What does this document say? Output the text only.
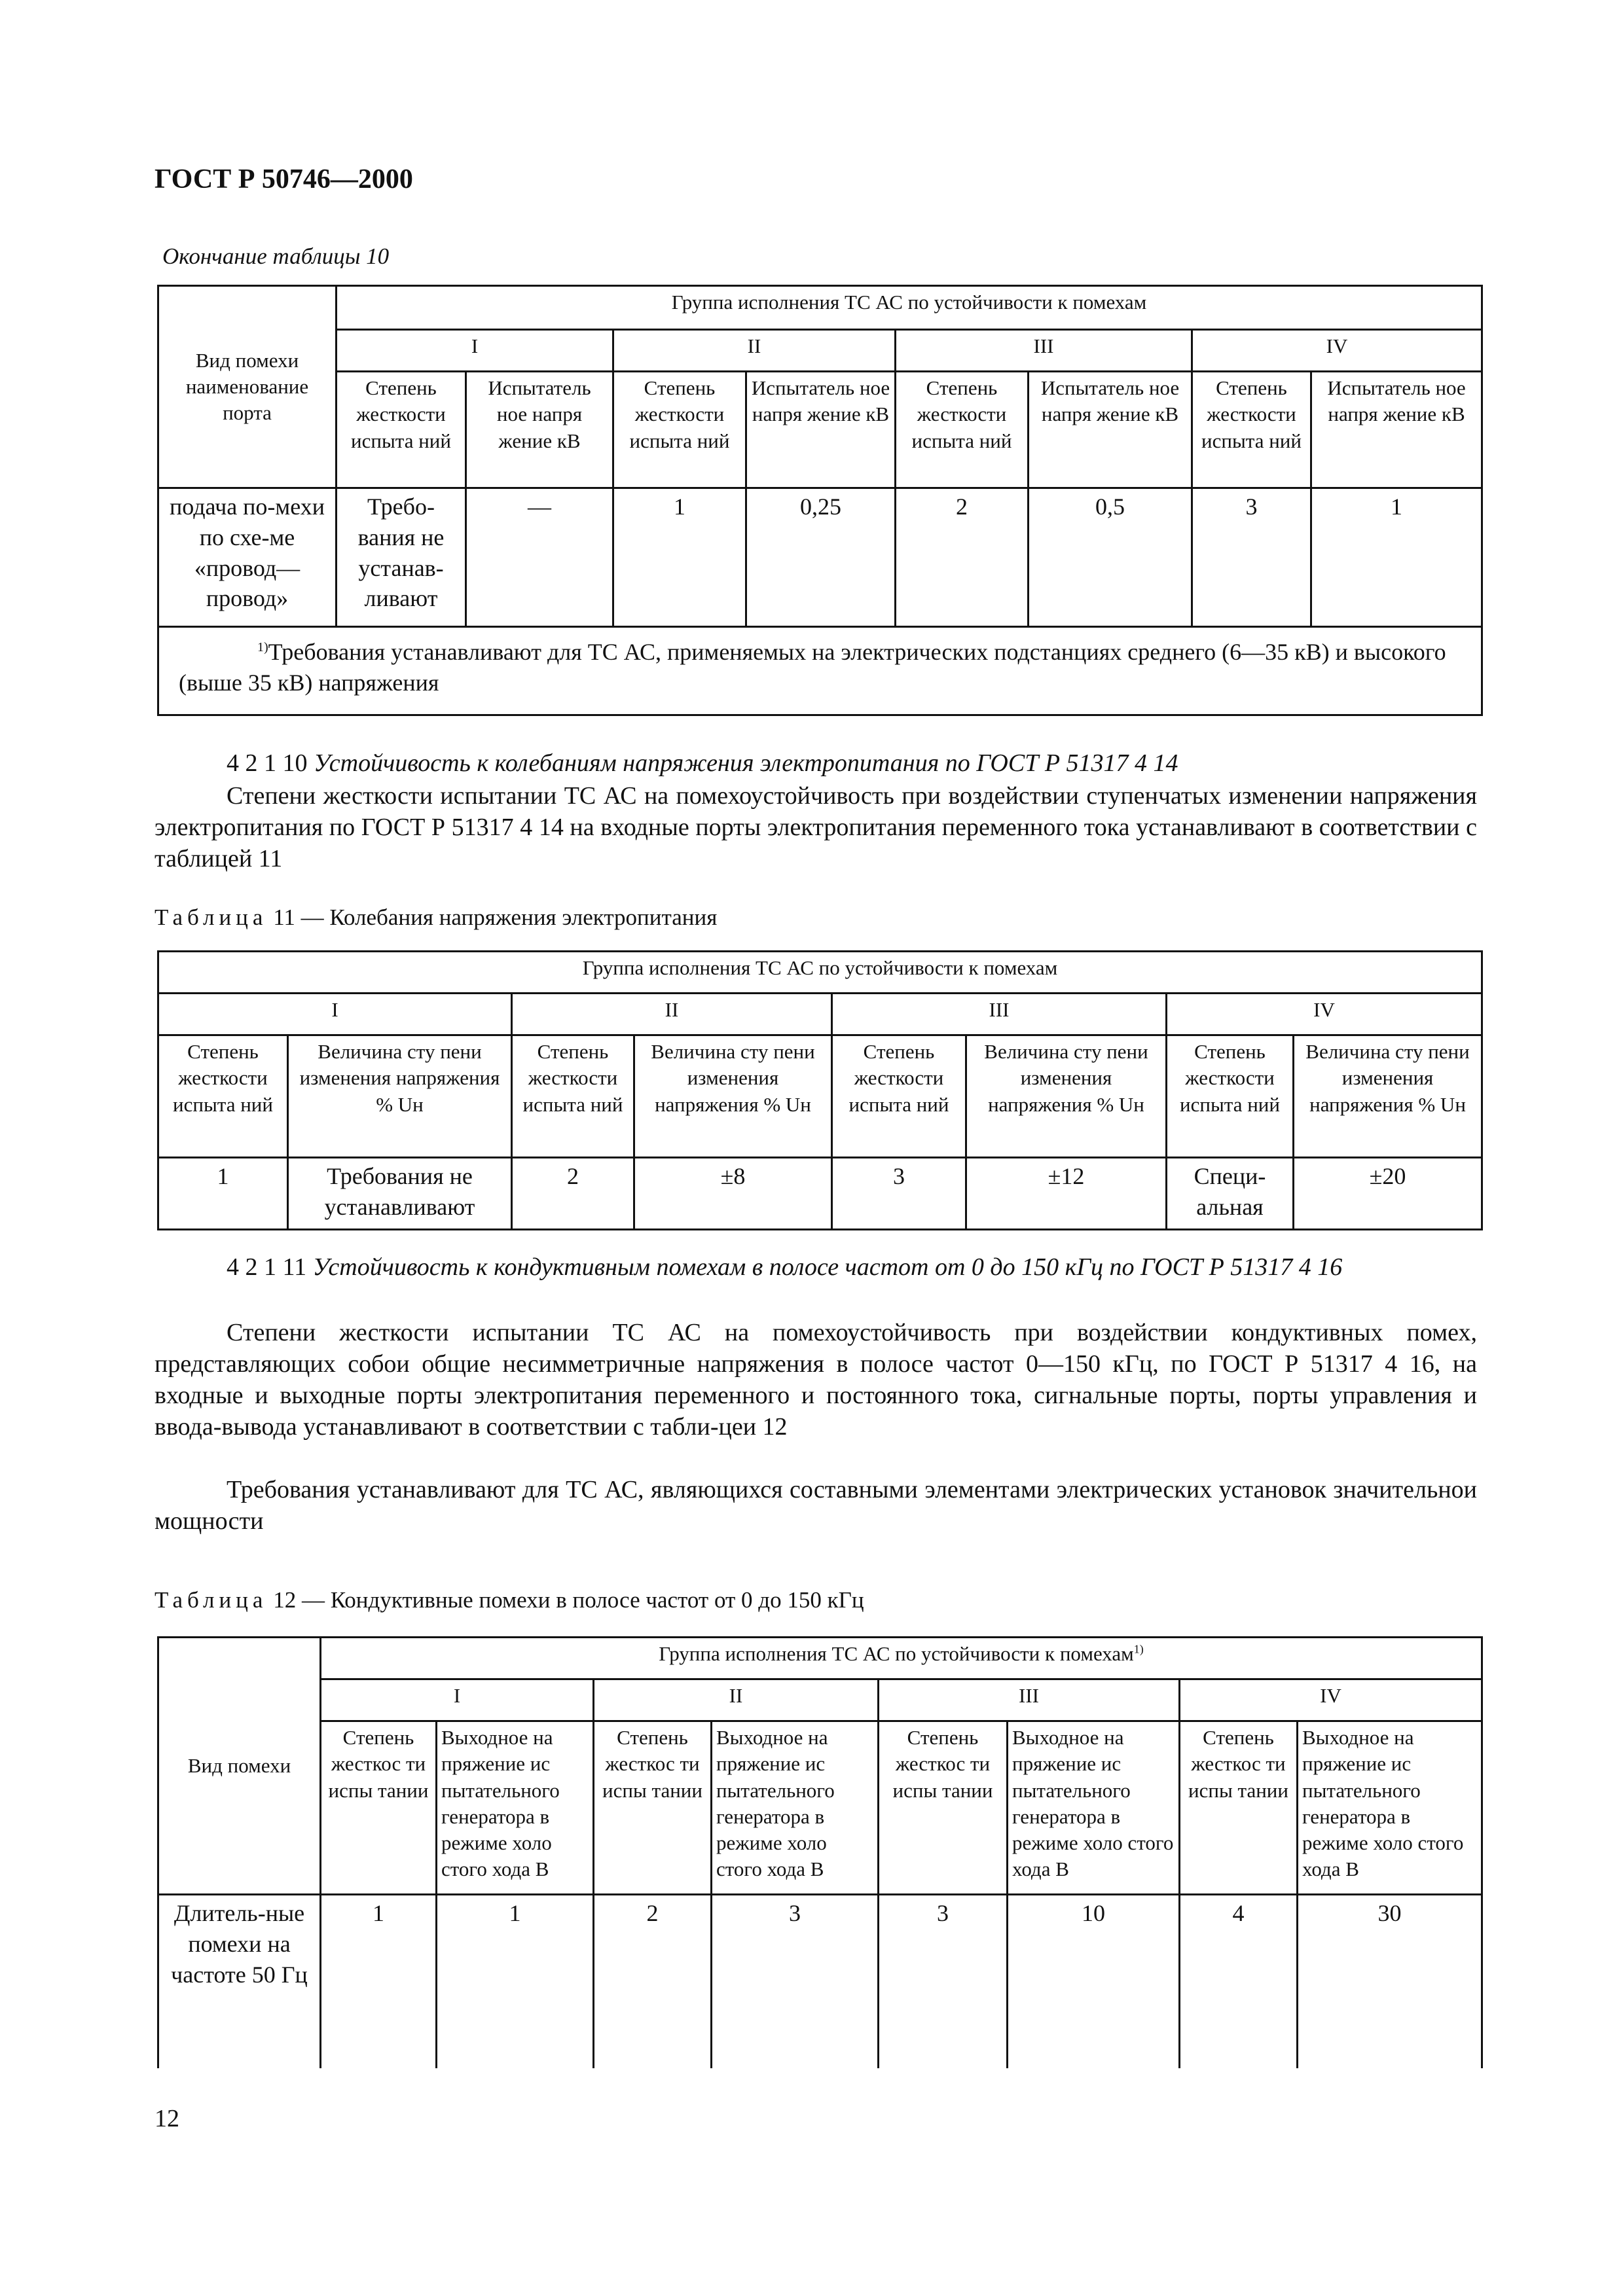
ГОСТ Р 50746—2000
Окончание таблицы 10
Вид помехи наименование порта	Группа исполнения ТС АС по устойчивости к помехам							
	I		II		III		IV	
	Степень жесткости испыта ний	Испытатель ное напря жение кВ	Степень жесткости испыта ний	Испытатель ное напря жение кВ	Степень жесткости испыта ний	Испытатель ное напря жение кВ	Степень жесткости испыта ний	Испытатель ное напря жение кВ
подача по-мехи по схе-ме «провод—провод»	Требо-вания не устанав-ливают	—	1	0,25	2	0,5	3	1
$^{1)}$Требования устанавливают для ТС АС, применяемых на электрических подстанциях среднего (6—35 кВ) и высокого (выше 35 кВ) напряжения								
4 2 1 10 Устойчивость к колебаниям напряжения электропитания по ГОСТ Р 51317 4 14
Степени жесткости испытании ТС АС на помехоустойчивость при воздействии ступенчатых изменении напряжения электропитания по ГОСТ Р 51317 4 14 на входные порты электропитания переменного тока устанавливают в соответствии с таблицей 11
Таблица 11 — Колебания напряжения электропитания
Группа исполнения ТС АС по устойчивости к помехам							
I		II		III		IV	
Степень жесткости испыта ний	Величина сту пени изменения напряжения % Uн	Степень жесткости испыта ний	Величина сту пени изменения напряжения % Uн	Степень жесткости испыта ний	Величина сту пени изменения напряжения % Uн	Степень жесткости испыта ний	Величина сту пени изменения напряжения % Uн
1	Требования не устанавливают	2	±8	3	±12	Специ-альная	±20
4 2 1 11 Устойчивость к кондуктивным помехам в полосе частот от 0 до 150 кГц по ГОСТ Р 51317 4 16
Степени жесткости испытании ТС АС на помехоустойчивость при воздействии кондуктивных помех, представляющих собои общие несимметричные напряжения в полосе частот 0—150 кГц, по ГОСТ Р 51317 4 16, на входные и выходные порты электропитания переменного и постоянного тока, сигнальные порты, порты управления и ввода-вывода устанавливают в соответствии с табли-цеи 12
Требования устанавливают для ТС АС, являющихся составными элементами электрических установок значительнои мощности
Таблица 12 — Кондуктивные помехи в полосе частот от 0 до 150 кГц
Вид помехи	Группа исполнения ТС АС по устойчивости к помехам$^{1)}$
	I		II		III		IV	
	Степень жесткос ти испы тании	Выходное на пряжение ис пытательного генератора в режиме холо стого хода В	Степень жесткос ти испы тании	Выходное на пряжение ис пытательного генератора в режиме холо стого хода В	Степень жесткос ти испы тании	Выходное на пряжение ис пытательного генератора в режиме холо стого хода В	Степень жесткос ти испы тании	Выходное на пряжение ис пытательного генератора в режиме холо стого хода В
Длитель-ные помехи на частоте 50 Гц	1	1	2	3	3	10	4	30
12
